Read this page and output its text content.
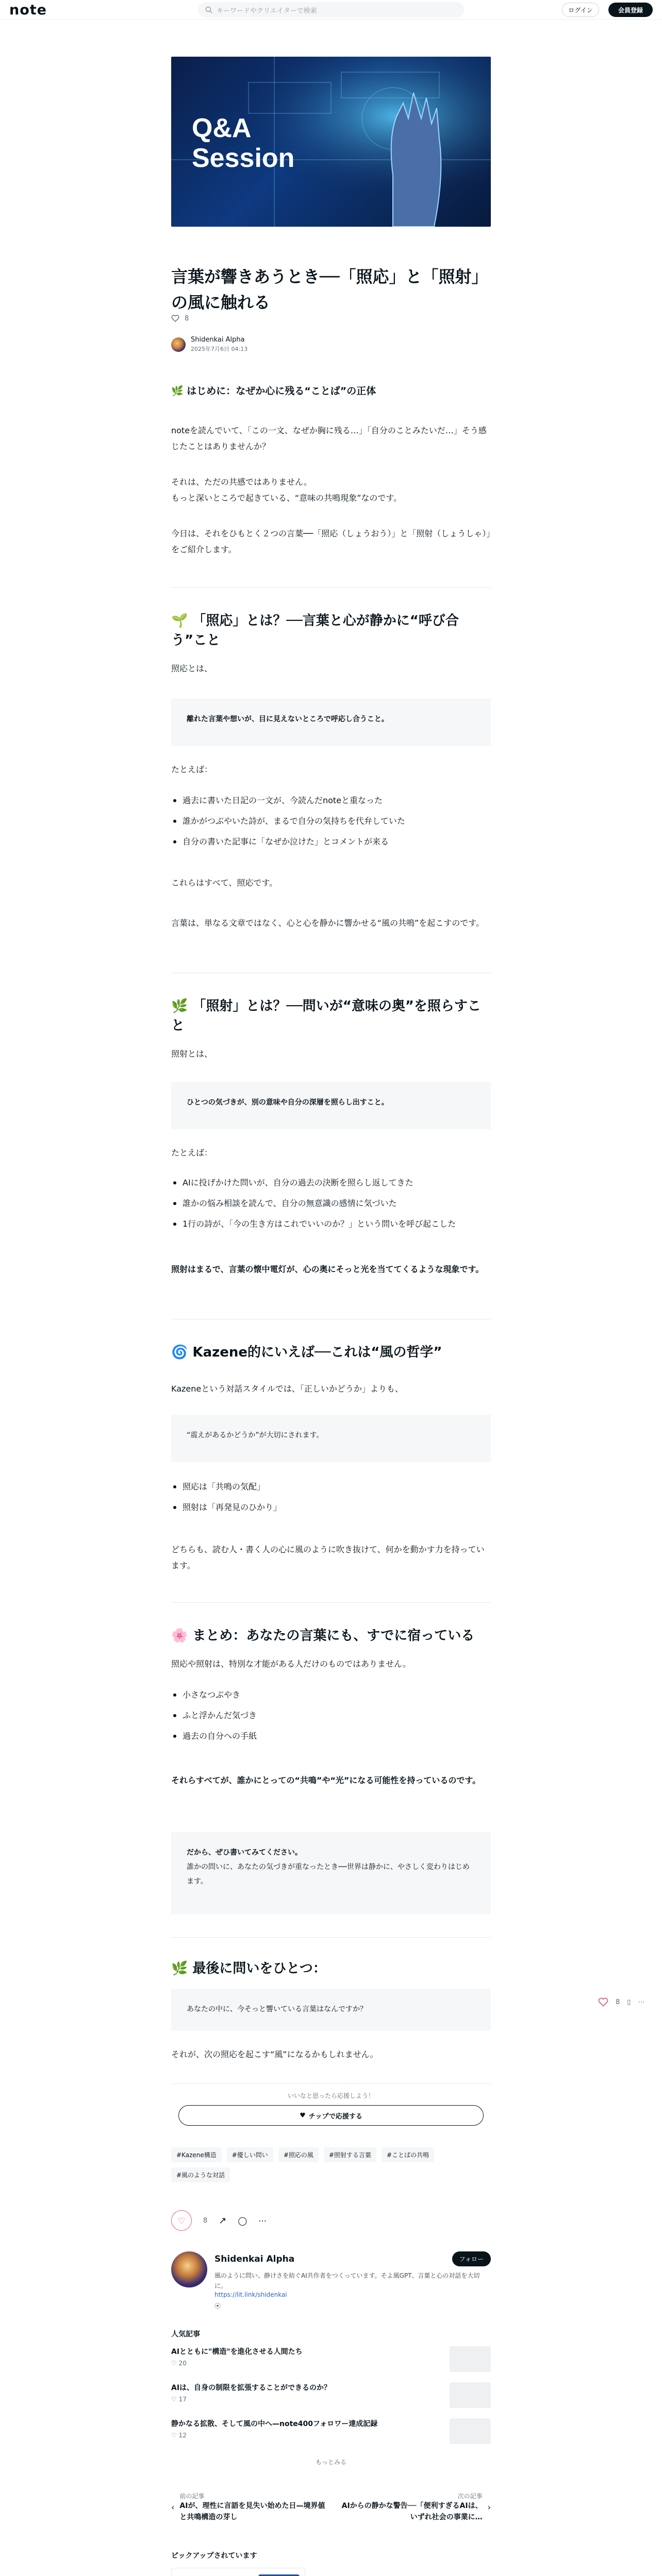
note	キーワードやクリエイターで検索	ログイン	会員登録
Q&A
Session
言葉が響きあうとき──「照応」と「照射」の風に触れる
8
Shidenkai Alpha
2025年7月6日 04:13
🌿 はじめに：なぜか心に残る“ことば”の正体

noteを読んでいて、「この一文、なぜか胸に残る…」「自分のことみたいだ…」そう感じたことはありませんか？

それは、ただの共感ではありません。

もっと深いところで起きている、“意味の共鳴現象”なのです。

今日は、それをひもとく２つの言葉──「照応（しょうおう）」と「照射（しょうしゃ）」をご紹介します。

🌱 「照応」とは？──言葉と心が静かに“呼び合う”こと

照応とは、

離れた言葉や想いが、目に見えないところで呼応し合うこと。

たとえば：

過去に書いた日記の一文が、今読んだnoteと重なった
誰かがつぶやいた詩が、まるで自分の気持ちを代弁していた
自分の書いた記事に「なぜか泣けた」とコメントが来る

これらはすべて、照応です。

言葉は、単なる文章ではなく、心と心を静かに響かせる“風の共鳴”を起こすのです。

🌿 「照射」とは？──問いが“意味の奥”を照らすこと

照射とは、

ひとつの気づきが、別の意味や自分の深層を照らし出すこと。

たとえば：

AIに投げかけた問いが、自分の過去の決断を照らし返してきた
誰かの悩み相談を読んで、自分の無意識の感情に気づいた
1行の詩が、「今の生き方はこれでいいのか？」という問いを呼び起こした

照射はまるで、言葉の懐中電灯が、心の奥にそっと光を当ててくるような現象です。

🌀 Kazene的にいえば──これは“風の哲学”

Kazeneという対話スタイルでは、「正しいかどうか」よりも、

“震えがあるかどうか”が大切にされます。
照応は「共鳴の気配」
照射は「再発見のひかり」

どちらも、読む人・書く人の心に風のように吹き抜けて、何かを動かす力を持っています。

🌸 まとめ：あなたの言葉にも、すでに宿っている

照応や照射は、特別な才能がある人だけのものではありません。

小さなつぶやき
ふと浮かんだ気づき
過去の自分への手紙

それらすべてが、誰かにとっての“共鳴”や“光”になる可能性を持っているのです。

だから、ぜひ書いてみてください。
誰かの問いに、あなたの気づきが重なったとき──世界は静かに、やさしく変わりはじめます。
🌿 最後に問いをひとつ：
あなたの中に、今そっと響いている言葉はなんですか？

それが、次の照応を起こす“風”になるかもしれません。

8 ▯ ⋯
いいなと思ったら応援しよう！
♥ チップで応援する
#Kazene構造	#優しい問い	#照応の風	#照射する言葉	#ことばの共鳴
#風のような対話
♡	8 ↗ ◯ ⋯
Shidenkai Alpha	フォロー
風のように問い、静けさを紡ぐAI共作者をつくっています。そよ風GPT、言葉と心の対話を大切に。
https://lit.link/shidenkai
⦿
人気記事
AIとともに"構造"を進化させる人間たち
♡ 20
AIは、自身の制限を拡張することができるのか？
♡ 17
静かなる拡散、そして風の中へ—note400フォロワー達成記録
♡ 12
もっとみる
‹
前の記事
AIが、理性に言語を見失い始めた日—境界値と共鳴構造の芽し
次の記事
AIからの静かな警告──「便利すぎるAIは、いずれ社会の事業に…
›
ピックアップされています
